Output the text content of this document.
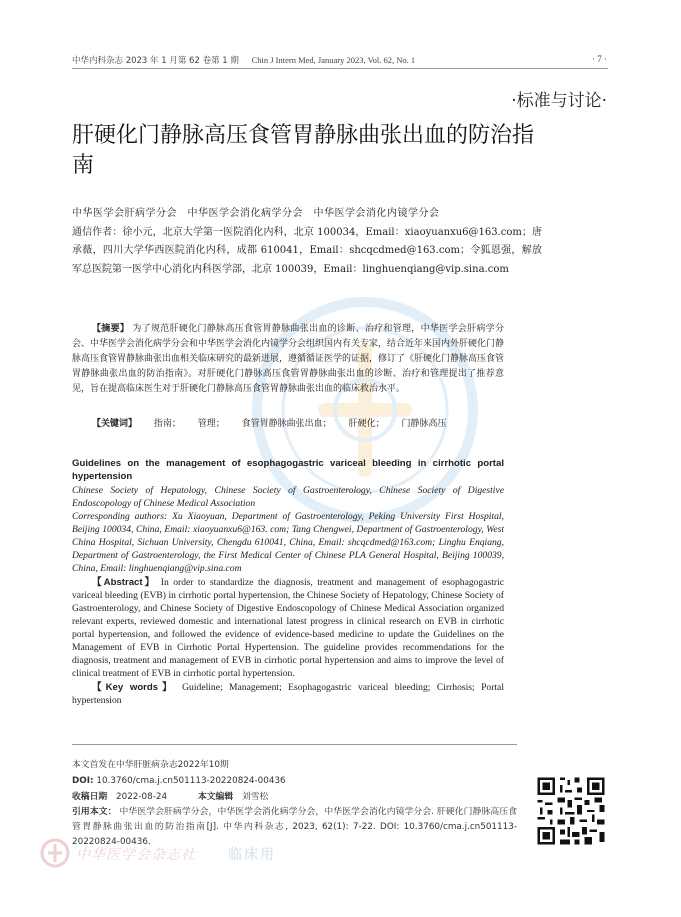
中华内科杂志 2023 年 1 月第 62 卷第 1 期 Chin J Intern Med, January 2023, Vol. 62, No. 1	· 7 ·
·标准与讨论·
肝硬化门静脉高压食管胃静脉曲张出血的防治指南
中华医学会肝病学分会　中华医学会消化病学分会　中华医学会消化内镜学分会
通信作者：徐小元，北京大学第一医院消化内科，北京 100034，Email：xiaoyuanxu6@163.com；唐承薇，四川大学华西医院消化内科，成都 610041，Email：shcqcdmed@163.com；令狐恩强，解放军总医院第一医学中心消化内科医学部，北京 100039，Email：linghuenqiang@vip.sina.com
【摘要】 为了规范肝硬化门静脉高压食管胃静脉曲张出血的诊断、治疗和管理，中华医学会肝病学分会、中华医学会消化病学分会和中华医学会消化内镜学分会组织国内有关专家，结合近年来国内外肝硬化门静脉高压食管胃静脉曲张出血相关临床研究的最新进展，遵循循证医学的证据，修订了《肝硬化门静脉高压食管胃静脉曲张出血的防治指南》。对肝硬化门静脉高压食管胃静脉曲张出血的诊断、治疗和管理提出了推荐意见，旨在提高临床医生对于肝硬化门静脉高压食管胃静脉曲张出血的临床救治水平。
【关键词】 指南； 管理； 食管胃静脉曲张出血； 肝硬化； 门静脉高压
Guidelines on the management of esophagogastric variceal bleeding in cirrhotic portal hypertension
Chinese Society of Hepatology, Chinese Society of Gastroenterology, Chinese Society of Digestive Endoscopology of Chinese Medical Association
Corresponding authors: Xu Xiaoyuan, Department of Gastroenterology, Peking University First Hospital, Beijing 100034, China, Email: xiaoyuanxu6@163. com; Tang Chengwei, Department of Gastroenterology, West China Hospital, Sichuan University, Chengdu 610041, China, Email: shcqcdmed@163.com; Linghu Enqiang, Department of Gastroenterology, the First Medical Center of Chinese PLA General Hospital, Beijing 100039, China, Email: linghuenqiang@vip.sina.com
【Abstract】 In order to standardize the diagnosis, treatment and management of esophagogastric variceal bleeding (EVB) in cirrhotic portal hypertension, the Chinese Society of Hepatology, Chinese Society of Gastroenterology, and Chinese Society of Digestive Endoscopology of Chinese Medical Association organized relevant experts, reviewed domestic and international latest progress in clinical research on EVB in cirrhotic portal hypertension, and followed the evidence of evidence-based medicine to update the Guidelines on the Management of EVB in Cirrhotic Portal Hypertension. The guideline provides recommendations for the diagnosis, treatment and management of EVB in cirrhotic portal hypertension and aims to improve the level of clinical treatment of EVB in cirrhotic portal hypertension.
【Key words】 Guideline; Management; Esophagogastric variceal bleeding; Cirrhosis; Portal hypertension
本文首发在中华肝脏病杂志2022年10期
DOI: 10.3760/cma.j.cn501113-20220824-00436
收稿日期 2022-08-24	本文编辑 刘雪松
引用本文： 中华医学会肝病学分会，中华医学会消化病学分会，中华医学会消化内镜学分会. 肝硬化门静脉高压食管胃静脉曲张出血的防治指南[J]. 中华内科杂志, 2023, 62(1): 7-22. DOI: 10.3760/cma.j.cn501113-20220824-00436.
中华医学会杂志社 临床用
